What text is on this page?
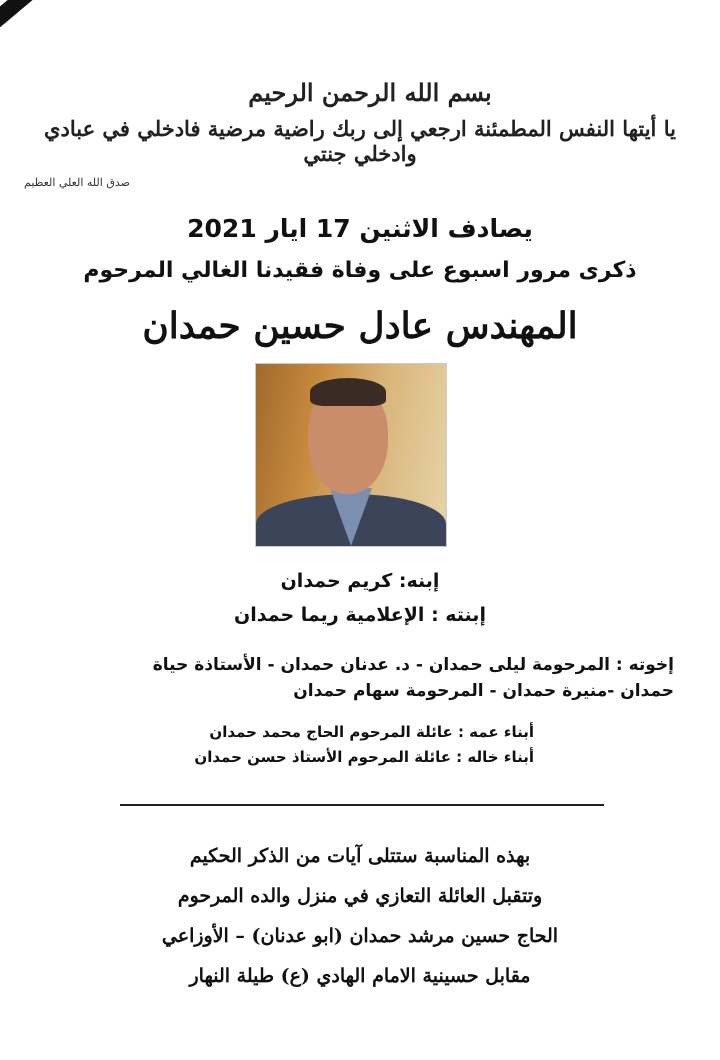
بسم الله الرحمن الرحيم
يا أيتها النفس المطمئنة ارجعي إلى ربك راضية مرضية فادخلي في عبادي وادخلي جنتي
صدق الله العلي العظيم
يصادف الاثنين 17 ايار 2021
ذكرى مرور اسبوع على وفاة فقيدنا الغالي المرحوم
المهندس عادل حسين حمدان
إبنه: كريم حمدان
إبنته : الإعلامية ريما حمدان
إخوته : المرحومة ليلى حمدان - د. عدنان حمدان - الأستاذة حياة
حمدان -منيرة حمدان - المرحومة سهام حمدان
أبناء عمه : عائلة المرحوم الحاج محمد حمدان
أبناء خاله : عائلة المرحوم الأستاذ حسن حمدان
بهذه المناسبة ستتلى آيات من الذكر الحكيم
وتتقبل العائلة التعازي في منزل والده المرحوم
الحاج حسين مرشد حمدان (ابو عدنان) – الأوزاعي
مقابل حسينية الامام الهادي (ع) طيلة النهار
